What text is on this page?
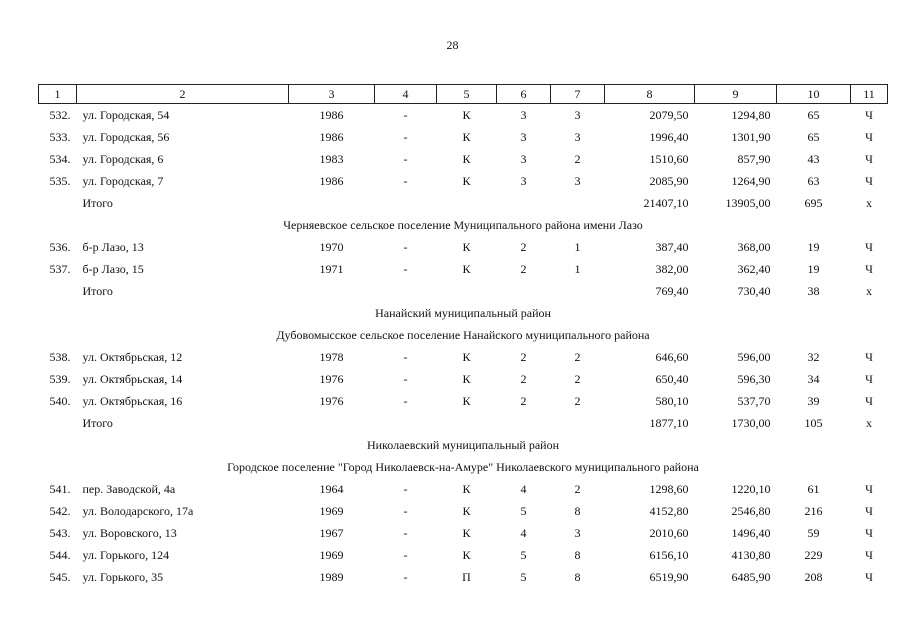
28
1	2	3	4	5	6	7	8	9	10	11
532.	ул. Городская, 54	1986	-	К	3	3	2079,50	1294,80	65	Ч
533.	ул. Городская, 56	1986	-	К	3	3	1996,40	1301,90	65	Ч
534.	ул. Городская, 6	1983	-	К	3	2	1510,60	857,90	43	Ч
535.	ул. Городская, 7	1986	-	К	3	3	2085,90	1264,90	63	Ч
	Итого						21407,10	13905,00	695	х
Черняевское сельское поселение Муниципального района имени Лазо										
536.	б-р Лазо, 13	1970	-	К	2	1	387,40	368,00	19	Ч
537.	б-р Лазо, 15	1971	-	К	2	1	382,00	362,40	19	Ч
	Итого						769,40	730,40	38	х
Нанайский муниципальный район										
Дубовомысское сельское поселение Нанайского муниципального района										
538.	ул. Октябрьская, 12	1978	-	К	2	2	646,60	596,00	32	Ч
539.	ул. Октябрьская, 14	1976	-	К	2	2	650,40	596,30	34	Ч
540.	ул. Октябрьская, 16	1976	-	К	2	2	580,10	537,70	39	Ч
	Итого						1877,10	1730,00	105	х
Николаевский муниципальный район										
Городское поселение "Город Николаевск-на-Амуре" Николаевского муниципального района										
541.	пер. Заводской, 4а	1964	-	К	4	2	1298,60	1220,10	61	Ч
542.	ул. Володарского, 17а	1969	-	К	5	8	4152,80	2546,80	216	Ч
543.	ул. Воровского, 13	1967	-	К	4	3	2010,60	1496,40	59	Ч
544.	ул. Горького, 124	1969	-	К	5	8	6156,10	4130,80	229	Ч
545.	ул. Горького, 35	1989	-	П	5	8	6519,90	6485,90	208	Ч
